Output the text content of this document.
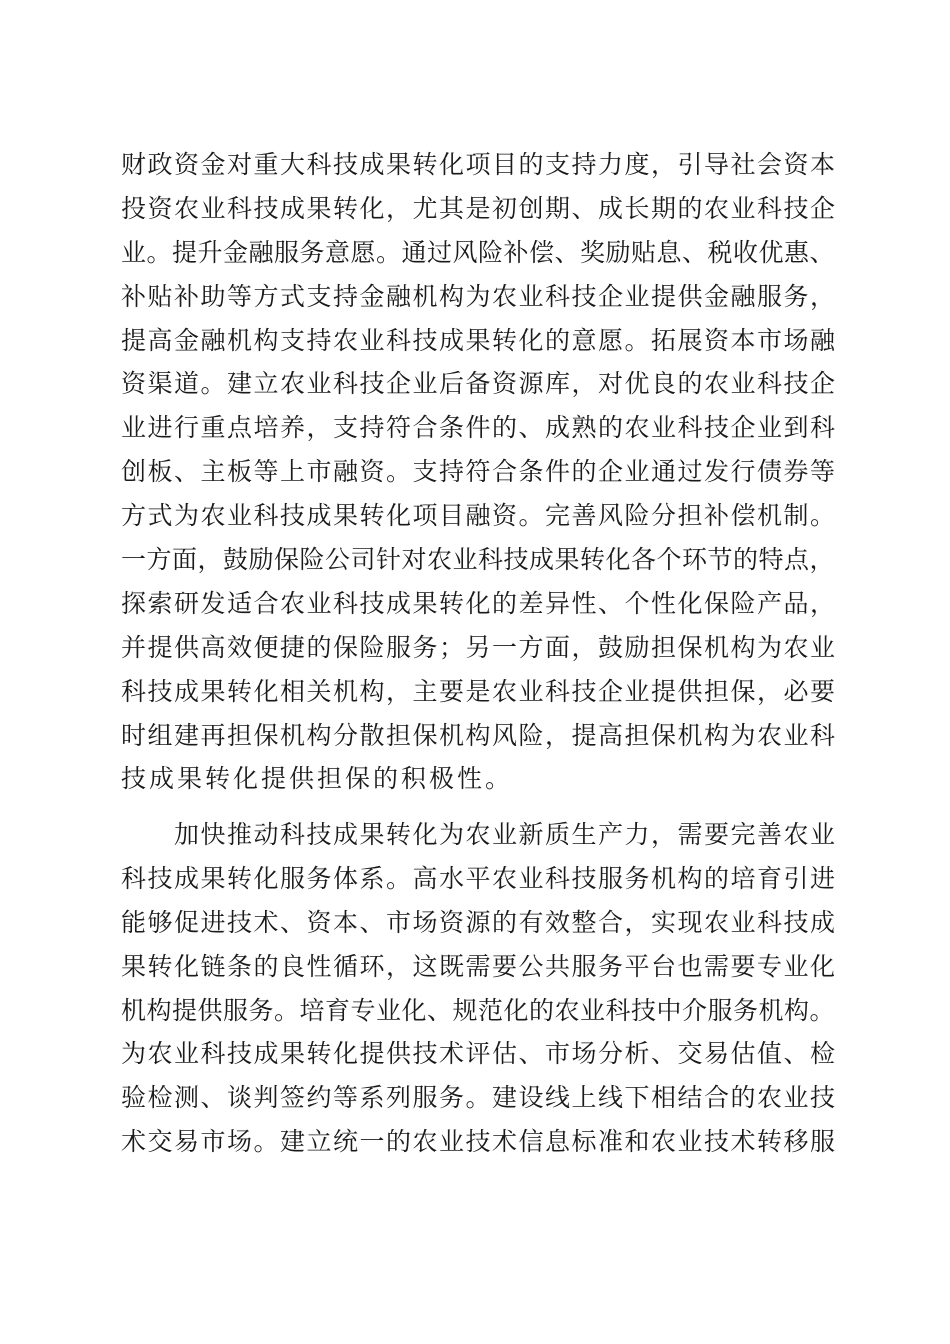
财政资金对重大科技成果转化项目的支持力度，引导社会资本
投资农业科技成果转化，尤其是初创期、成长期的农业科技企
业。提升金融服务意愿。通过风险补偿、奖励贴息、税收优惠、
补贴补助等方式支持金融机构为农业科技企业提供金融服务，
提高金融机构支持农业科技成果转化的意愿。拓展资本市场融
资渠道。建立农业科技企业后备资源库，对优良的农业科技企
业进行重点培养，支持符合条件的、成熟的农业科技企业到科
创板、主板等上市融资。支持符合条件的企业通过发行债券等
方式为农业科技成果转化项目融资。完善风险分担补偿机制。
一方面，鼓励保险公司针对农业科技成果转化各个环节的特点，
探索研发适合农业科技成果转化的差异性、个性化保险产品，
并提供高效便捷的保险服务；另一方面，鼓励担保机构为农业
科技成果转化相关机构，主要是农业科技企业提供担保，必要
时组建再担保机构分散担保机构风险，提高担保机构为农业科
技成果转化提供担保的积极性。
　　加快推动科技成果转化为农业新质生产力，需要完善农业
科技成果转化服务体系。高水平农业科技服务机构的培育引进
能够促进技术、资本、市场资源的有效整合，实现农业科技成
果转化链条的良性循环，这既需要公共服务平台也需要专业化
机构提供服务。培育专业化、规范化的农业科技中介服务机构。
为农业科技成果转化提供技术评估、市场分析、交易估值、检
验检测、谈判签约等系列服务。建设线上线下相结合的农业技
术交易市场。建立统一的农业技术信息标准和农业技术转移服
